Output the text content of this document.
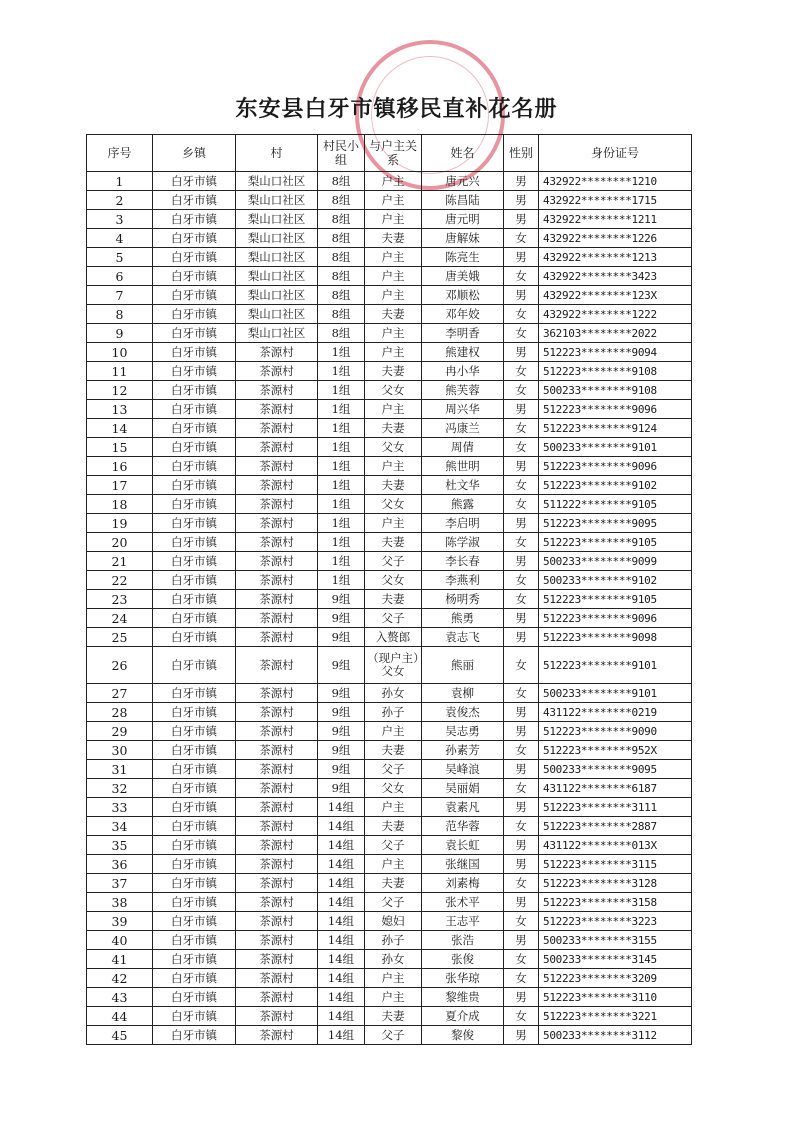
东安县白牙市镇移民直补花名册
序号	乡镇	村	村民小组	与户主关系	姓名	性别	身份证号
1	白牙市镇	梨山口社区	8组	户主	唐元兴	男	432922********1210
2	白牙市镇	梨山口社区	8组	户主	陈昌陆	男	432922********1715
3	白牙市镇	梨山口社区	8组	户主	唐元明	男	432922********1211
4	白牙市镇	梨山口社区	8组	夫妻	唐解妹	女	432922********1226
5	白牙市镇	梨山口社区	8组	户主	陈亮生	男	432922********1213
6	白牙市镇	梨山口社区	8组	户主	唐美娥	女	432922********3423
7	白牙市镇	梨山口社区	8组	户主	邓顺松	男	432922********123X
8	白牙市镇	梨山口社区	8组	夫妻	邓年姣	女	432922********1222
9	白牙市镇	梨山口社区	8组	户主	李明香	女	362103********2022
10	白牙市镇	茶源村	1组	户主	熊建权	男	512223********9094
11	白牙市镇	茶源村	1组	夫妻	冉小华	女	512223********9108
12	白牙市镇	茶源村	1组	父女	熊芙蓉	女	500233********9108
13	白牙市镇	茶源村	1组	户主	周兴华	男	512223********9096
14	白牙市镇	茶源村	1组	夫妻	冯康兰	女	512223********9124
15	白牙市镇	茶源村	1组	父女	周倩	女	500233********9101
16	白牙市镇	茶源村	1组	户主	熊世明	男	512223********9096
17	白牙市镇	茶源村	1组	夫妻	杜文华	女	512223********9102
18	白牙市镇	茶源村	1组	父女	熊露	女	511222********9105
19	白牙市镇	茶源村	1组	户主	李启明	男	512223********9095
20	白牙市镇	茶源村	1组	夫妻	陈学淑	女	512223********9105
21	白牙市镇	茶源村	1组	父子	李长春	男	500233********9099
22	白牙市镇	茶源村	1组	父女	李燕利	女	500233********9102
23	白牙市镇	茶源村	9组	夫妻	杨明秀	女	512223********9105
24	白牙市镇	茶源村	9组	父子	熊勇	男	512223********9096
25	白牙市镇	茶源村	9组	入赘郎	袁志飞	男	512223********9098
26	白牙市镇	茶源村	9组	（现户主）父女	熊丽	女	512223********9101
27	白牙市镇	茶源村	9组	孙女	袁柳	女	500233********9101
28	白牙市镇	茶源村	9组	孙子	袁俊杰	男	431122********0219
29	白牙市镇	茶源村	9组	户主	吴志勇	男	512223********9090
30	白牙市镇	茶源村	9组	夫妻	孙素芳	女	512223********952X
31	白牙市镇	茶源村	9组	父子	吴峰浪	男	500233********9095
32	白牙市镇	茶源村	9组	父女	吴丽娟	女	431122********6187
33	白牙市镇	茶源村	14组	户主	袁素凡	男	512223********3111
34	白牙市镇	茶源村	14组	夫妻	范华蓉	女	512223********2887
35	白牙市镇	茶源村	14组	父子	袁长虹	男	431122********013X
36	白牙市镇	茶源村	14组	户主	张继国	男	512223********3115
37	白牙市镇	茶源村	14组	夫妻	刘素梅	女	512223********3128
38	白牙市镇	茶源村	14组	父子	张术平	男	512223********3158
39	白牙市镇	茶源村	14组	媳妇	王志平	女	512223********3223
40	白牙市镇	茶源村	14组	孙子	张浩	男	500233********3155
41	白牙市镇	茶源村	14组	孙女	张俊	女	500233********3145
42	白牙市镇	茶源村	14组	户主	张华琼	女	512223********3209
43	白牙市镇	茶源村	14组	户主	黎维贵	男	512223********3110
44	白牙市镇	茶源村	14组	夫妻	夏介成	女	512223********3221
45	白牙市镇	茶源村	14组	父子	黎俊	男	500233********3112
